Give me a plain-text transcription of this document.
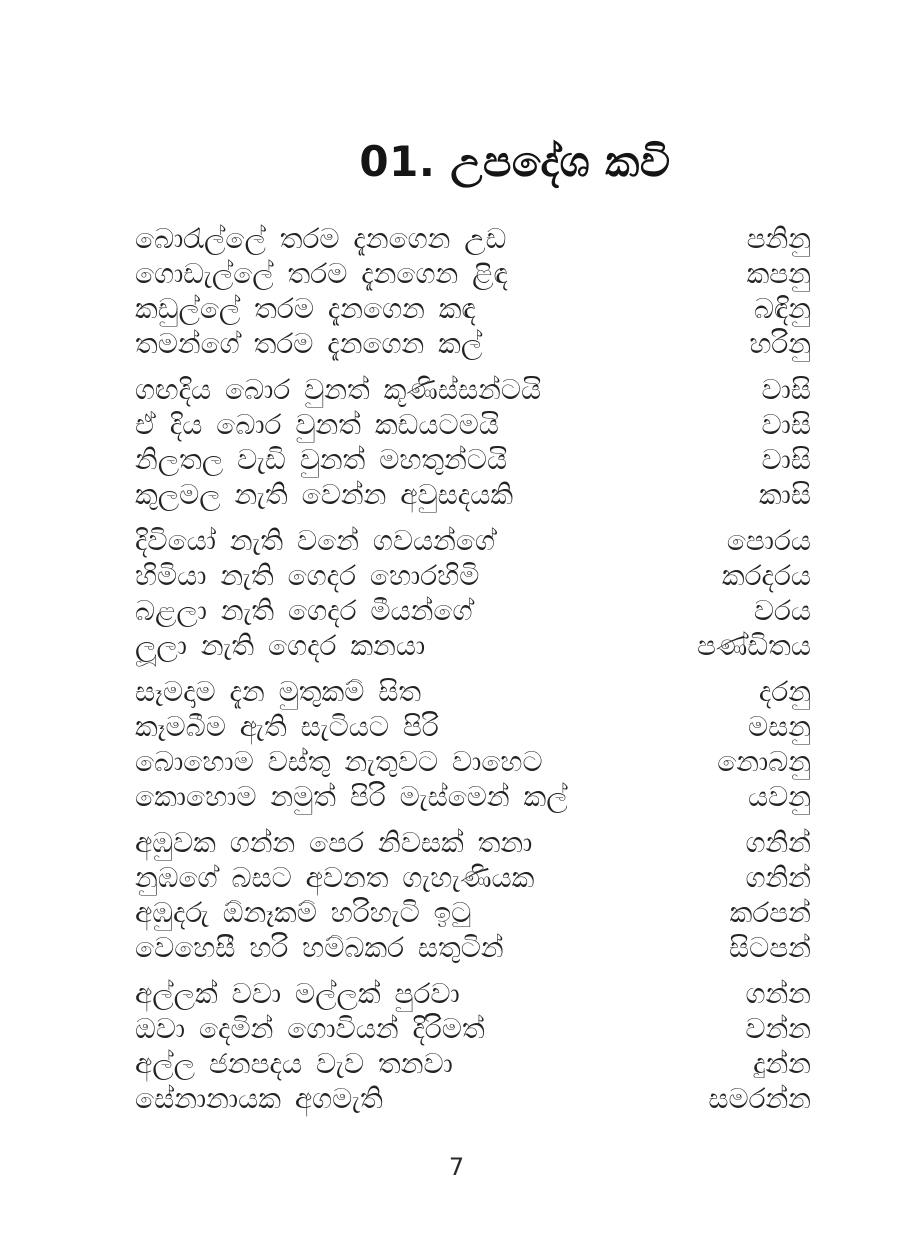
01. උපදේශ කවි
බොරැල්ලේ තරම දැනගෙන උඩ	පනිනු
ගොඩැල්ලේ තරම දැනගෙන ළිඳ	කපනු
කඩුල්ලේ තරම දැනගෙන කඳ	බඳිනු
තමන්ගේ තරම දැනගෙන කල්	හරිනු
ගඟදිය බොර වුනත් කූණිස්සන්ටයි	වාසි
ඒ දිය බොර වුනත් කඩයටමයි	වාසි
නිලතල වැඩි වුනත් මහතුන්ටයි	වාසි
කුලමල නැති වෙන්න අවුසදයකි	කාසි
දිවියෝ නැති වනේ ගවයන්ගේ	පොරය
හිමියා නැති ගෙදර හොරහිමි	කරදරය
බළලා නැති ගෙදර මීයන්ගේ	වරය
ලූලා නැති ගෙදර කනයා	පණ්ඩිතය
සෑමදාම දැන මුතුකම් සිත	දරනු
කෑමබීම ඇති සැටියට පිරි	මසනු
බොහොම වස්තු නැතුවට වාහෙට	නොබනු
කොහොම නමුත් පිරි මැස්මෙන් කල්	යවනු
අඹුවක ගන්න පෙර නිවසක් තනා	ගනින්
නුඹගේ බසට අවනත ගැහැණියක	ගනින්
අඹුදරු ඕනෑකම් හරිහැටි ඉටු	කරපන්
වෙහෙසී හරි හම්බකර සතුටින්	සිටපන්
අල්ලක් වවා මල්ලක් පුරවා	ගන්න
ඔවා දෙමින් ගොවියන් දිරිමත්	වන්න
අල්ල ජනපදය වැව තනවා	දුන්න
සේනානායක අගමැති	සමරන්න
7
